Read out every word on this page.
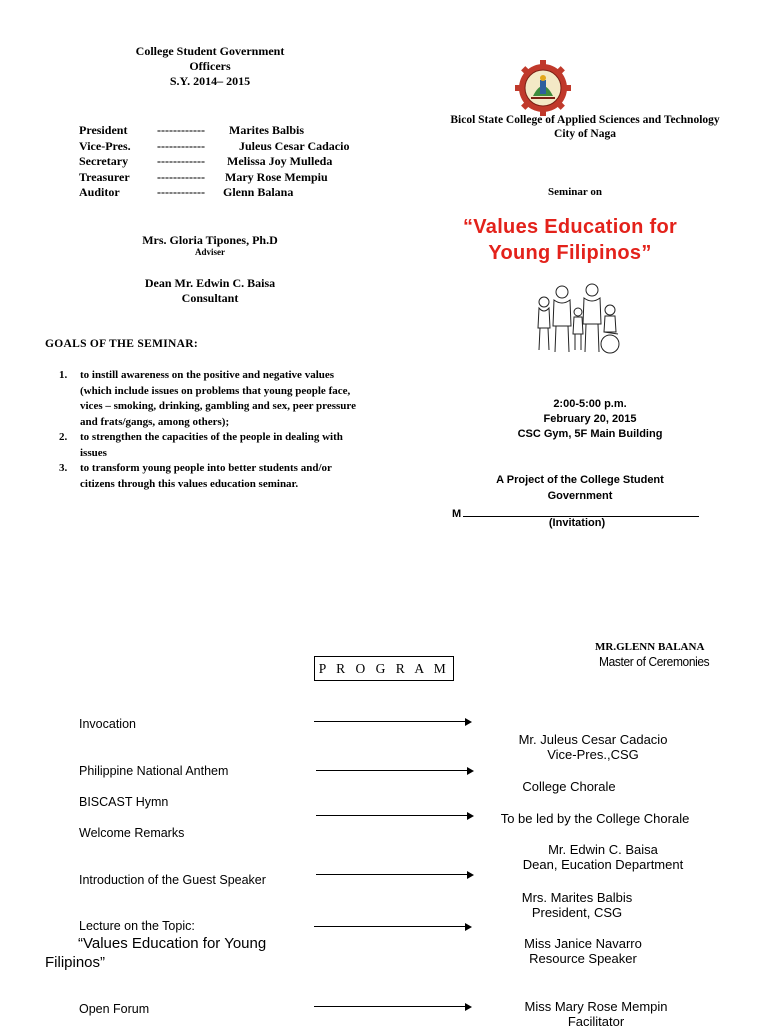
College Student Government
Officers
S.Y. 2014– 2015
President ------------ Marites Balbis
Vice-Pres. ------------	Juleus Cesar Cadacio
Secretary ------------ Melissa Joy Mulleda
Treasurer ------------ Mary Rose Mempiu
Auditor	------------ Glenn Balana
Mrs. Gloria Tipones, Ph.D
Adviser
Dean Mr. Edwin C. Baisa
Consultant
GOALS OF THE SEMINAR:
1. to instill awareness on the positive and negative values (which include issues on problems that young people face, vices – smoking, drinking, gambling and sex, peer pressure and frats/gangs, among others);
2. to strengthen the capacities of the people in dealing with issues
3. to transform young people into better students and/or citizens through this values education seminar.
Bicol State College of Applied Sciences and Technology
City of Naga
Seminar on
“Values Education for
Young Filipinos”
2:00-5:00 p.m.
February 20, 2015
CSC Gym, 5F Main Building
A Project of the College Student
Government
M
(Invitation)
MR.GLENN BALANA
Master of Ceremonies
P R O G R A M
Invocation
Philippine National Anthem
BISCAST Hymn
Welcome Remarks
Introduction of the Guest Speaker
Lecture on the Topic:
“Values Education for Young
Filipinos”
Open Forum
Mr. Juleus Cesar Cadacio
Vice-Pres.,CSG
College Chorale
To be led by the College Chorale
Mr. Edwin C. Baisa
Dean, Eucation Department
Mrs. Marites Balbis
President, CSG
Miss Janice Navarro
Resource Speaker
Miss Mary Rose Mempin
Facilitator
